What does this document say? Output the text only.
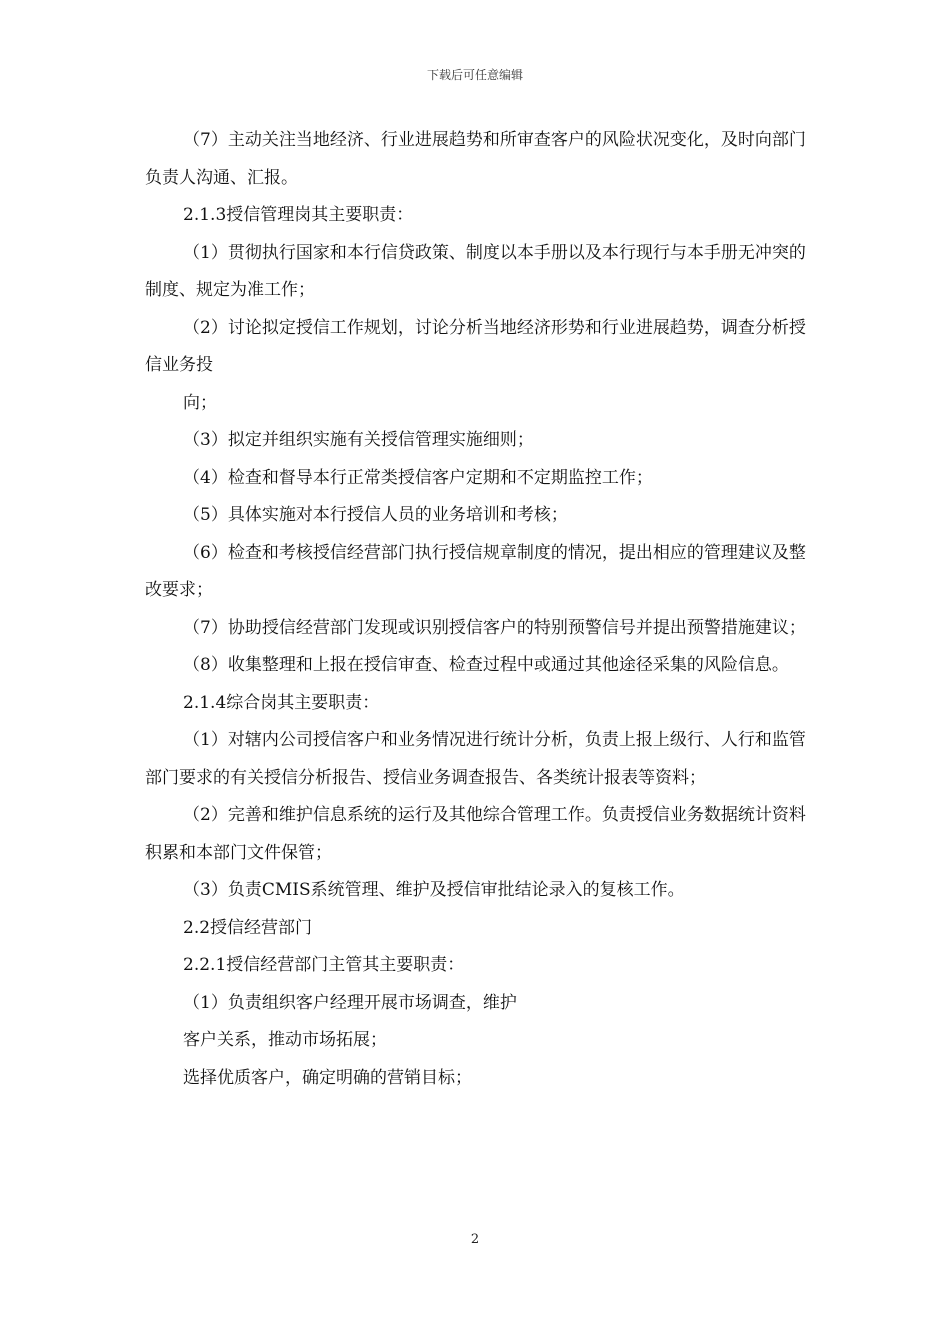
下载后可任意编辑

（7）主动关注当地经济、行业进展趋势和所审查客户的风险状况变化，及时向部门负责人沟通、汇报。

2.1.3授信管理岗其主要职责：

（1）贯彻执行国家和本行信贷政策、制度以本手册以及本行现行与本手册无冲突的制度、规定为准工作；

（2）讨论拟定授信工作规划，讨论分析当地经济形势和行业进展趋势，调查分析授信业务投

向；

（3）拟定并组织实施有关授信管理实施细则；

（4）检查和督导本行正常类授信客户定期和不定期监控工作；

（5）具体实施对本行授信人员的业务培训和考核；

（6）检查和考核授信经营部门执行授信规章制度的情况，提出相应的管理建议及整改要求；

（7）协助授信经营部门发现或识别授信客户的特别预警信号并提出预警措施建议；

（8）收集整理和上报在授信审查、检查过程中或通过其他途径采集的风险信息。

2.1.4综合岗其主要职责：

（1）对辖内公司授信客户和业务情况进行统计分析，负责上报上级行、人行和监管部门要求的有关授信分析报告、授信业务调查报告、各类统计报表等资料；

（2）完善和维护信息系统的运行及其他综合管理工作。负责授信业务数据统计资料积累和本部门文件保管；

（3）负责CMIS系统管理、维护及授信审批结论录入的复核工作。

2.2授信经营部门

2.2.1授信经营部门主管其主要职责：

（1）负责组织客户经理开展市场调查，维护

客户关系，推动市场拓展；

选择优质客户，确定明确的营销目标；

2
